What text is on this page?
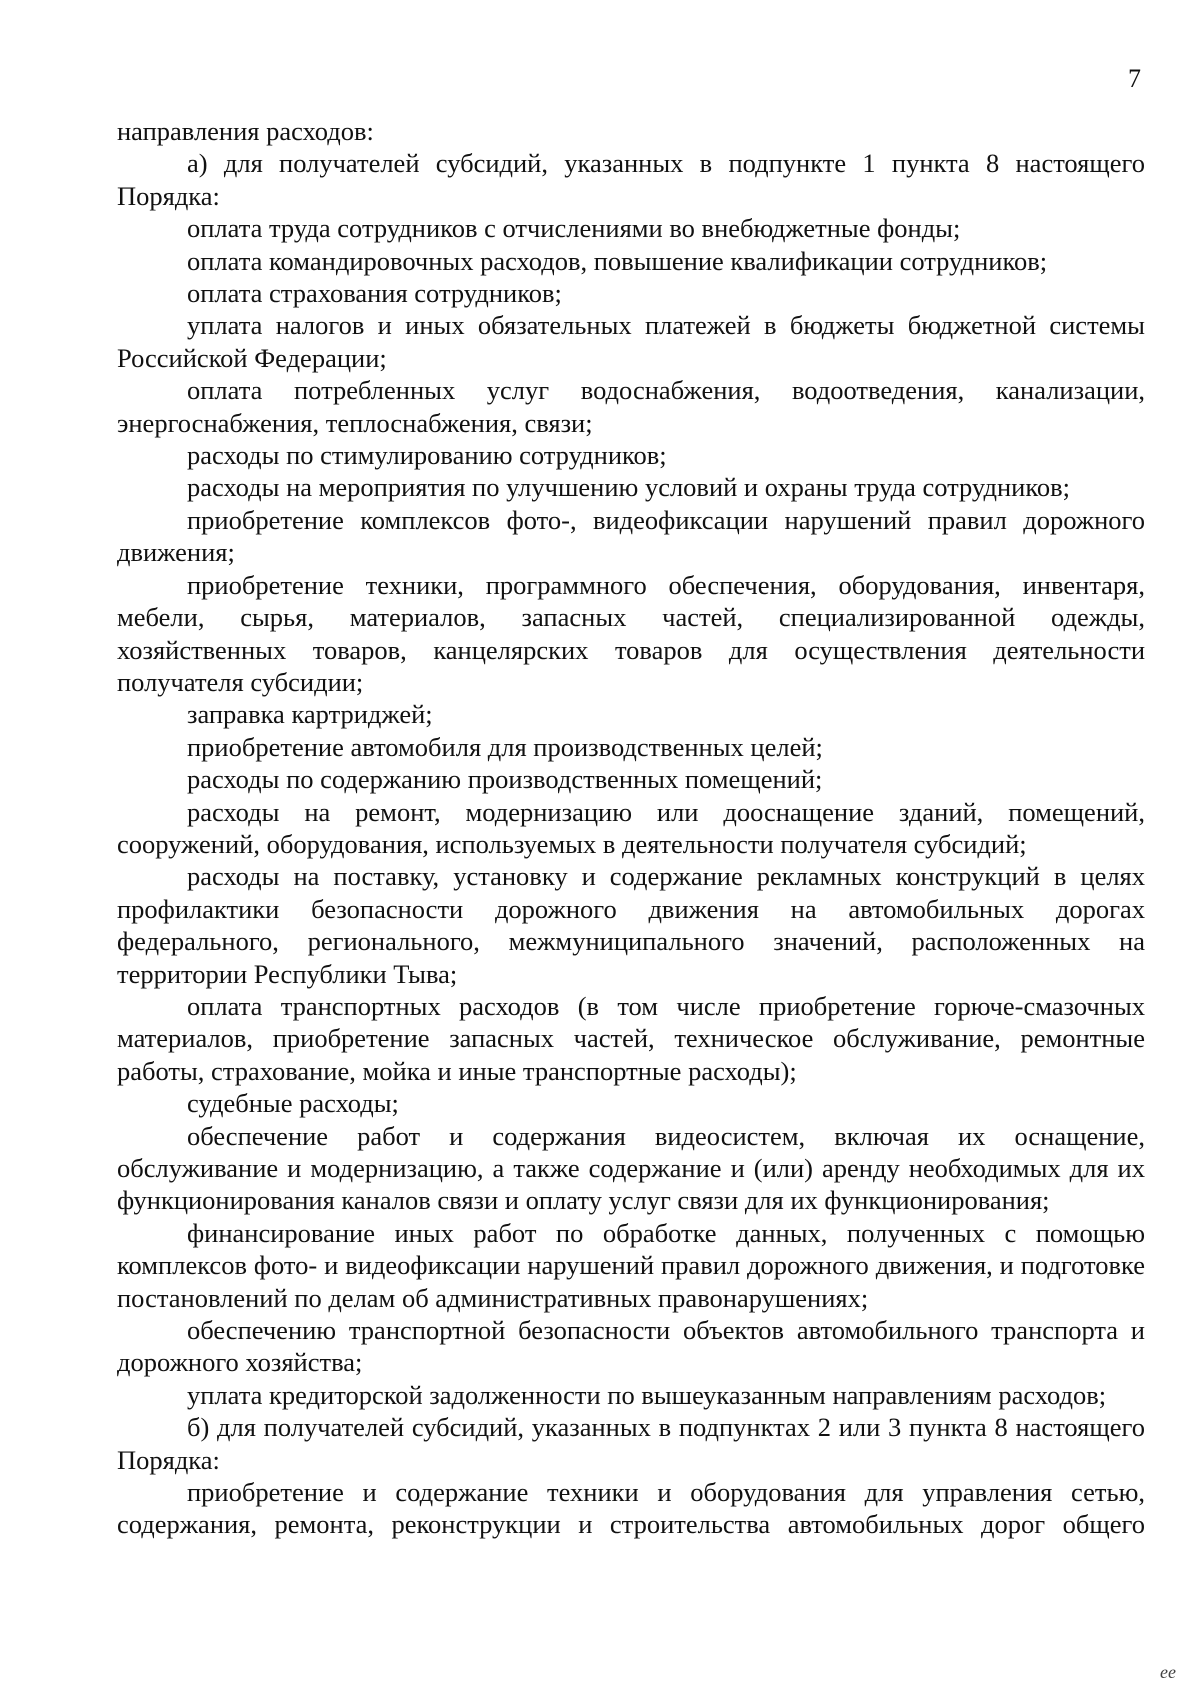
7

направления расходов:

а) для получателей субсидий, указанных в подпункте 1 пункта 8 настоящего Порядка:

оплата труда сотрудников с отчислениями во внебюджетные фонды;

оплата командировочных расходов, повышение квалификации сотрудников;

оплата страхования сотрудников;

уплата налогов и иных обязательных платежей в бюджеты бюджетной системы Российской Федерации;

оплата потребленных услуг водоснабжения, водоотведения, канализации, энергоснабжения, теплоснабжения, связи;

расходы по стимулированию сотрудников;

расходы на мероприятия по улучшению условий и охраны труда сотрудников;

приобретение комплексов фото-, видеофиксации нарушений правил дорожного движения;

приобретение техники, программного обеспечения, оборудования, инвентаря, мебели, сырья, материалов, запасных частей, специализированной одежды, хозяйственных товаров, канцелярских товаров для осуществления деятельности получателя субсидии;

заправка картриджей;

приобретение автомобиля для производственных целей;

расходы по содержанию производственных помещений;

расходы на ремонт, модернизацию или дооснащение зданий, помещений, сооружений, оборудования, используемых в деятельности получателя субсидий;

расходы на поставку, установку и содержание рекламных конструкций в целях профилактики безопасности дорожного движения на автомобильных дорогах федерального, регионального, межмуниципального значений, расположенных на территории Республики Тыва;

оплата транспортных расходов (в том числе приобретение горюче-смазочных материалов, приобретение запасных частей, техническое обслуживание, ремонтные работы, страхование, мойка и иные транспортные расходы);

судебные расходы;

обеспечение работ и содержания видеосистем, включая их оснащение, обслуживание и модернизацию, а также содержание и (или) аренду необходимых для их функционирования каналов связи и оплату услуг связи для их функционирования;

финансирование иных работ по обработке данных, полученных с помощью комплексов фото- и видеофиксации нарушений правил дорожного движения, и подготовке постановлений по делам об административных правонарушениях;

обеспечению транспортной безопасности объектов автомобильного транспорта и дорожного хозяйства;

уплата кредиторской задолженности по вышеуказанным направлениям расходов;

б) для получателей субсидий, указанных в подпунктах 2 или 3 пункта 8 настоящего Порядка:

приобретение и содержание техники и оборудования для управления сетью, содержания, ремонта, реконструкции и строительства автомобильных дорог общего

ee
